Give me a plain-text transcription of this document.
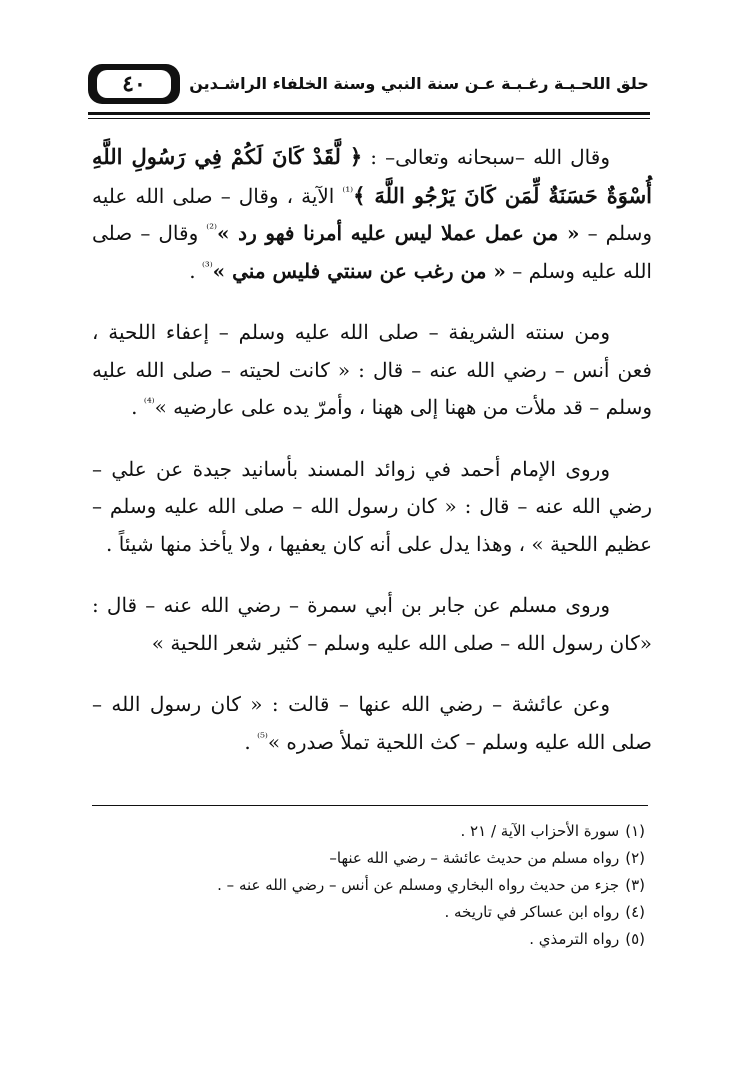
٤٠	حلق اللحـيـة رغـبـة عـن سنة النبي وسنة الخلفاء الراشـدين

وقال الله –سبحانه وتعالى– : ﴿ لَّقَدْ كَانَ لَكُمْ فِي رَسُولِ اللَّهِ أُسْوَةٌ حَسَنَةٌ لِّمَن كَانَ يَرْجُو اللَّهَ ﴾$^{^{(1)}}$ الآية ، وقال – صلى الله عليه وسلم – « من عمل عملا ليس عليه أمرنا فهو رد »$^{^{(2)}}$ وقال – صلى الله عليه وسلم – « من رغب عن سنتي فليس مني »$^{^{(3)}}$ .

ومن سنته الشريفة – صلى الله عليه وسلم – إعفاء اللحية ، فعن أنس – رضي الله عنه – قال : « كانت لحيته – صلى الله عليه وسلم – قد ملأت من ههنا إلى ههنا ، وأمرّ يده على عارضيه »$^{^{(4)}}$ .

وروى الإمام أحمد في زوائد المسند بأسانيد جيدة عن علي – رضي الله عنه – قال : « كان رسول الله – صلى الله عليه وسلم – عظيم اللحية » ، وهذا يدل على أنه كان يعفيها ، ولا يأخذ منها شيئاً .

وروى مسلم عن جابر بن أبي سمرة – رضي الله عنه – قال : «كان رسول الله – صلى الله عليه وسلم – كثير شعر اللحية »

وعن عائشة – رضي الله عنها – قالت : « كان رسول الله – صلى الله عليه وسلم – كث اللحية تملأ صدره »$^{^{(5)}}$ .

(١)سورة الأحزاب الآية / ٢١ .
(٢)رواه مسلم من حديث عائشة – رضي الله عنها–
(٣)جزء من حديث رواه البخاري ومسلم عن أنس – رضي الله عنه – .
(٤)رواه ابن عساكر في تاريخه .
(٥)رواه الترمذي .
